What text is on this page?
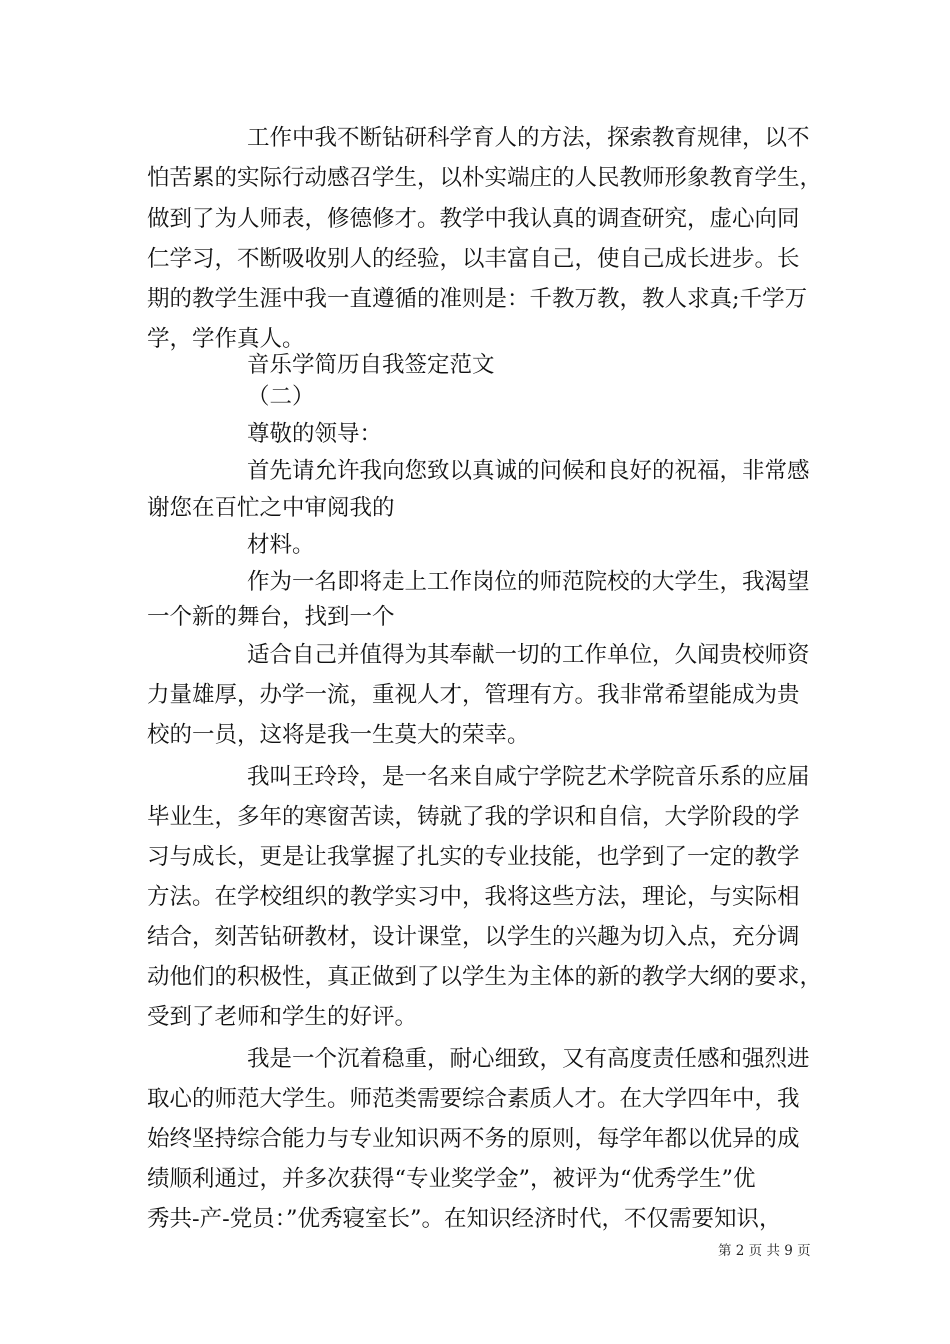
工作中我不断钻研科学育人的方法，探索教育规律，以不
怕苦累的实际行动感召学生，以朴实端庄的人民教师形象教育学生，
做到了为人师表，修德修才。教学中我认真的调查研究，虚心向同
仁学习，不断吸收别人的经验，以丰富自己，使自己成长进步。长
期的教学生涯中我一直遵循的准则是：千教万教，教人求真;千学万
学，学作真人。
音乐学简历自我签定范文
（二）
尊敬的领导：
首先请允许我向您致以真诚的问候和良好的祝福，非常感
谢您在百忙之中审阅我的
材料。
作为一名即将走上工作岗位的师范院校的大学生，我渴望
一个新的舞台，找到一个
适合自己并值得为其奉献一切的工作单位，久闻贵校师资
力量雄厚，办学一流，重视人才，管理有方。我非常希望能成为贵
校的一员，这将是我一生莫大的荣幸。
我叫王玲玲，是一名来自咸宁学院艺术学院音乐系的应届
毕业生，多年的寒窗苦读，铸就了我的学识和自信，大学阶段的学
习与成长，更是让我掌握了扎实的专业技能，也学到了一定的教学
方法。在学校组织的教学实习中，我将这些方法，理论，与实际相
结合，刻苦钻研教材，设计课堂，以学生的兴趣为切入点，充分调
动他们的积极性，真正做到了以学生为主体的新的教学大纲的要求，
受到了老师和学生的好评。
我是一个沉着稳重，耐心细致，又有高度责任感和强烈进
取心的师范大学生。师范类需要综合素质人才。在大学四年中，我
始终坚持综合能力与专业知识两不务的原则，每学年都以优异的成
绩顺利通过，并多次获得“专业奖学金”，被评为“优秀学生”优
秀共-产-党员：”优秀寝室长”。在知识经济时代，不仅需要知识，
第 2 页 共 9 页
